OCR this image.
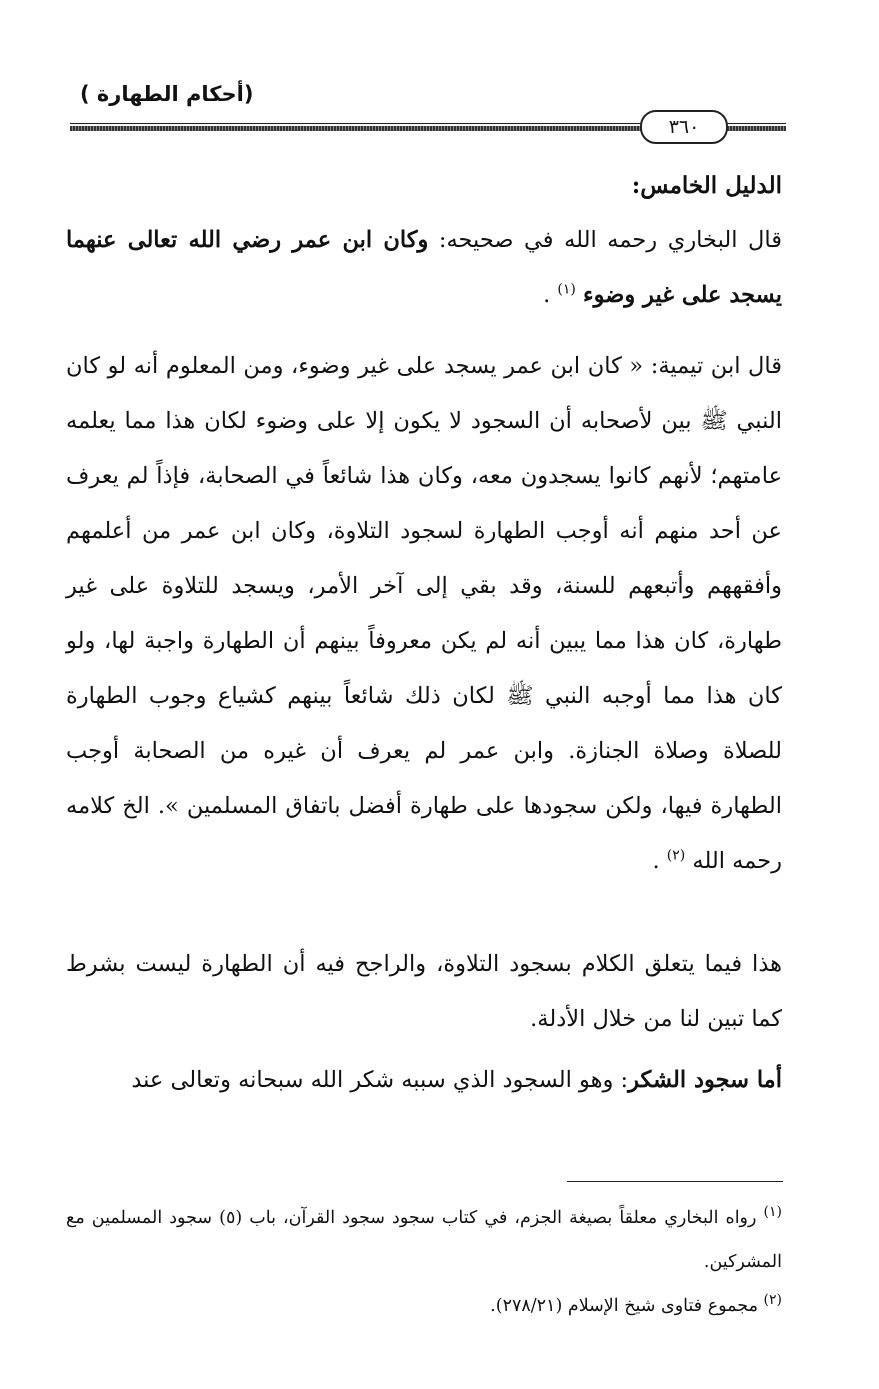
(أحكام الطهارة )
٣٦٠
الدليل الخامس:
قال البخاري رحمه الله في صحيحه: وكان ابن عمر رضي الله تعالى عنهما يسجد على غير وضوء $^{(١)}$ .
قال ابن تيمية: « كان ابن عمر يسجد على غير وضوء، ومن المعلوم أنه لو كان النبي ﷺ بين لأصحابه أن السجود لا يكون إلا على وضوء لكان هذا مما يعلمه عامتهم؛ لأنهم كانوا يسجدون معه، وكان هذا شائعاً في الصحابة، فإذاً لم يعرف عن أحد منهم أنه أوجب الطهارة لسجود التلاوة، وكان ابن عمر من أعلمهم وأفقههم وأتبعهم للسنة، وقد بقي إلى آخر الأمر، ويسجد للتلاوة على غير طهارة، كان هذا مما يبين أنه لم يكن معروفاً بينهم أن الطهارة واجبة لها، ولو كان هذا مما أوجبه النبي ﷺ لكان ذلك شائعاً بينهم كشياع وجوب الطهارة للصلاة وصلاة الجنازة. وابن عمر لم يعرف أن غيره من الصحابة أوجب الطهارة فيها، ولكن سجودها على طهارة أفضل باتفاق المسلمين ». الخ كلامه رحمه الله $^{(٢)}$ .
هذا فيما يتعلق الكلام بسجود التلاوة، والراجح فيه أن الطهارة ليست بشرط كما تبين لنا من خلال الأدلة.
أما سجود الشكر: وهو السجود الذي سببه شكر الله سبحانه وتعالى عند
$^{(١)}$ رواه البخاري معلقاً بصيغة الجزم، في كتاب سجود سجود القرآن، باب (٥) سجود المسلمين مع المشركين.
$^{(٢)}$ مجموع فتاوى شيخ الإسلام (٢٧٨/٢١).
